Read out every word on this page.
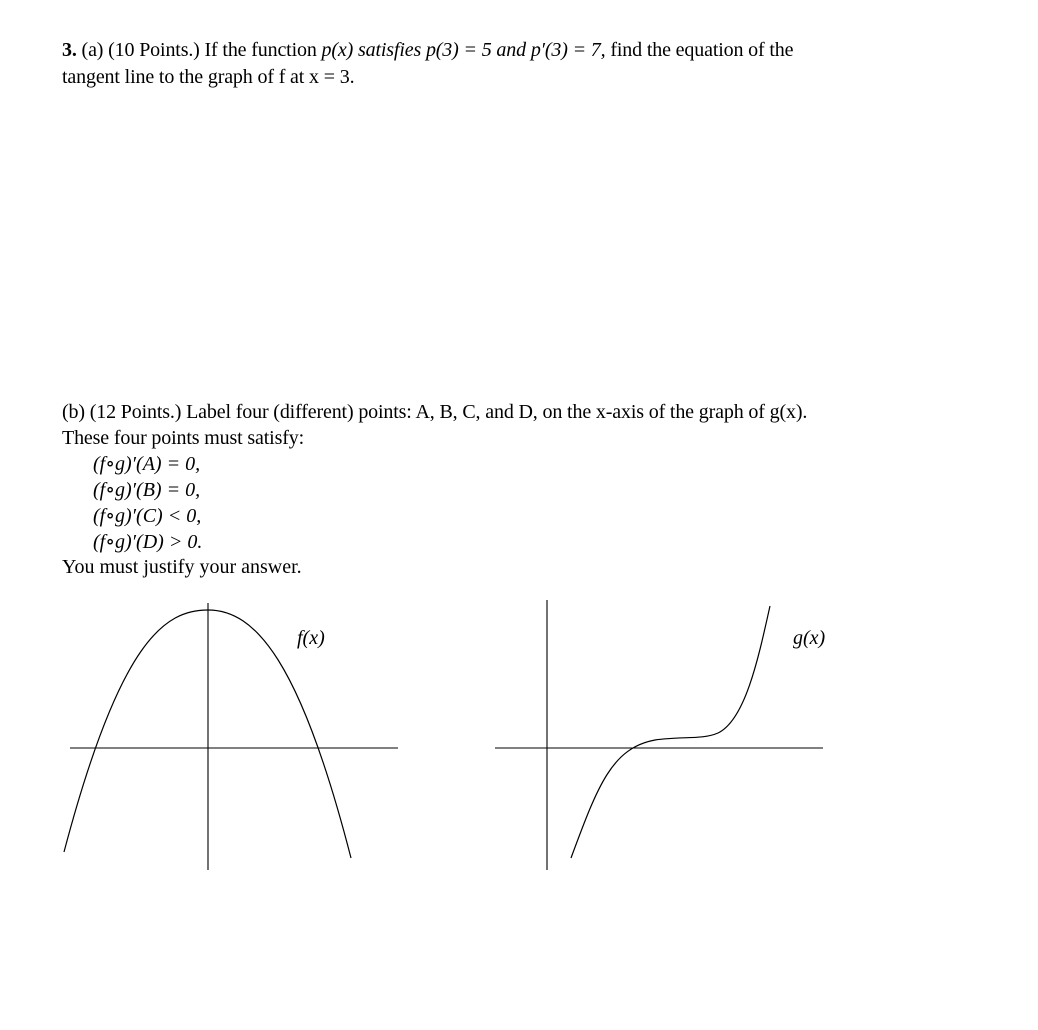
3. (a) (10 Points.) If the function p(x) satisfies p(3) = 5 and p′(3) = 7, find the equation of the
tangent line to the graph of f at x = 3.
(b) (12 Points.) Label four (different) points: A, B, C, and D, on the x-axis of the graph of g(x).
These four points must satisfy:
(f∘g)′(A) = 0,
(f∘g)′(B) = 0,
(f∘g)′(C) < 0,
(f∘g)′(D) > 0.
You must justify your answer.
f(x)	g(x)
